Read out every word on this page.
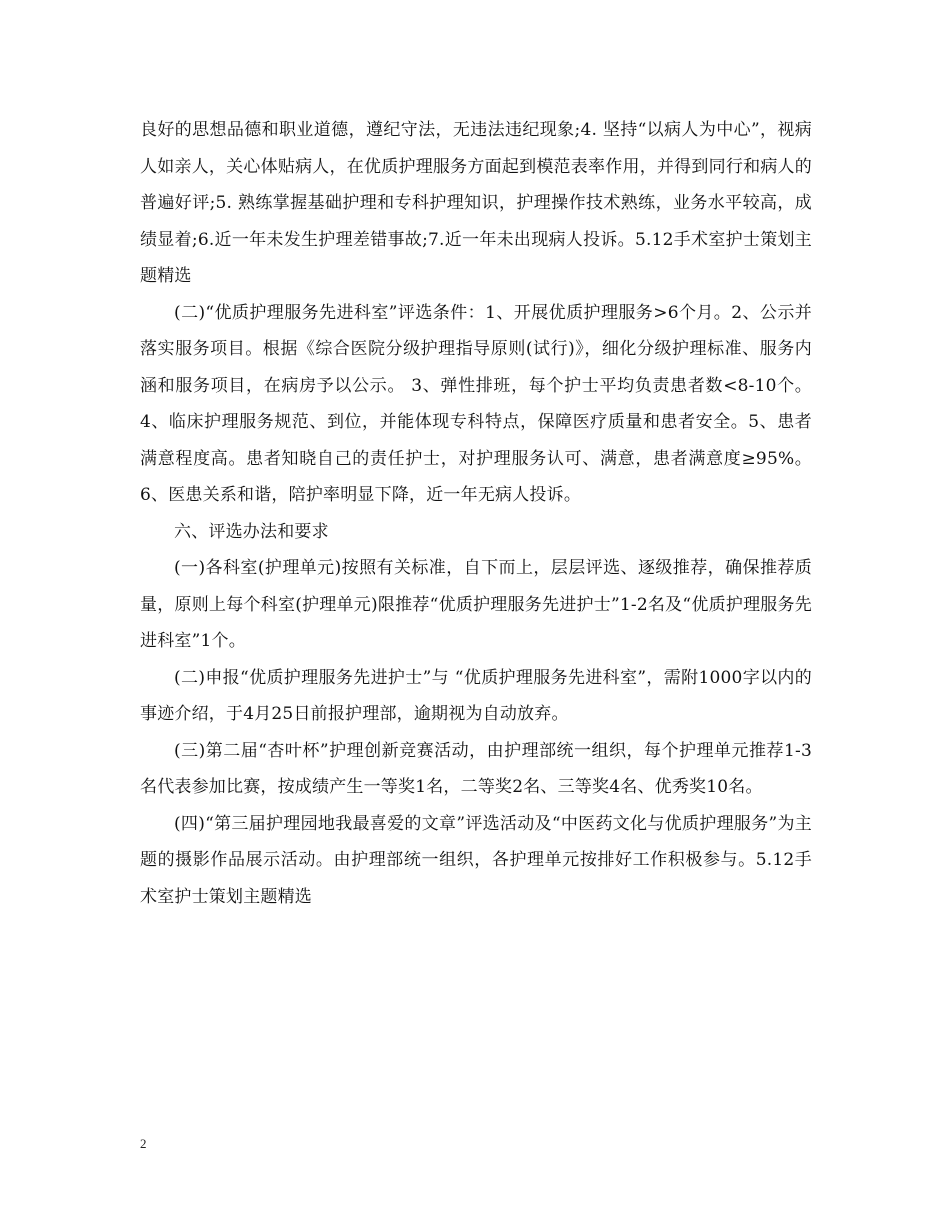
良好的思想品德和职业道德，遵纪守法，无违法违纪现象;4. 坚持“以病人为中心”，视病人如亲人，关心体贴病人，在优质护理服务方面起到模范表率作用，并得到同行和病人的普遍好评;5. 熟练掌握基础护理和专科护理知识，护理操作技术熟练，业务水平较高，成绩显着;6.近一年未发生护理差错事故;7.近一年未出现病人投诉。5.12手术室护士策划主题精选

(二)“优质护理服务先进科室”评选条件：1、开展优质护理服务>6个月。2、公示并落实服务项目。根据《综合医院分级护理指导原则(试行)》，细化分级护理标准、服务内涵和服务项目，在病房予以公示。 3、弹性排班，每个护士平均负责患者数<8-10个。4、临床护理服务规范、到位，并能体现专科特点，保障医疗质量和患者安全。5、患者满意程度高。患者知晓自己的责任护士，对护理服务认可、满意，患者满意度≥95%。 6、医患关系和谐，陪护率明显下降，近一年无病人投诉。

六、评选办法和要求

(一)各科室(护理单元)按照有关标准，自下而上，层层评选、逐级推荐，确保推荐质量，原则上每个科室(护理单元)限推荐“优质护理服务先进护士”1-2名及“优质护理服务先进科室”1个。

(二)申报“优质护理服务先进护士”与 “优质护理服务先进科室”，需附1000字以内的事迹介绍，于4月25日前报护理部，逾期视为自动放弃。

(三)第二届“杏叶杯”护理创新竞赛活动，由护理部统一组织，每个护理单元推荐1-3名代表参加比赛，按成绩产生一等奖1名，二等奖2名、三等奖4名、优秀奖10名。

(四)“第三届护理园地我最喜爱的文章”评选活动及“中医药文化与优质护理服务”为主题的摄影作品展示活动。由护理部统一组织，各护理单元按排好工作积极参与。5.12手术室护士策划主题精选

2
